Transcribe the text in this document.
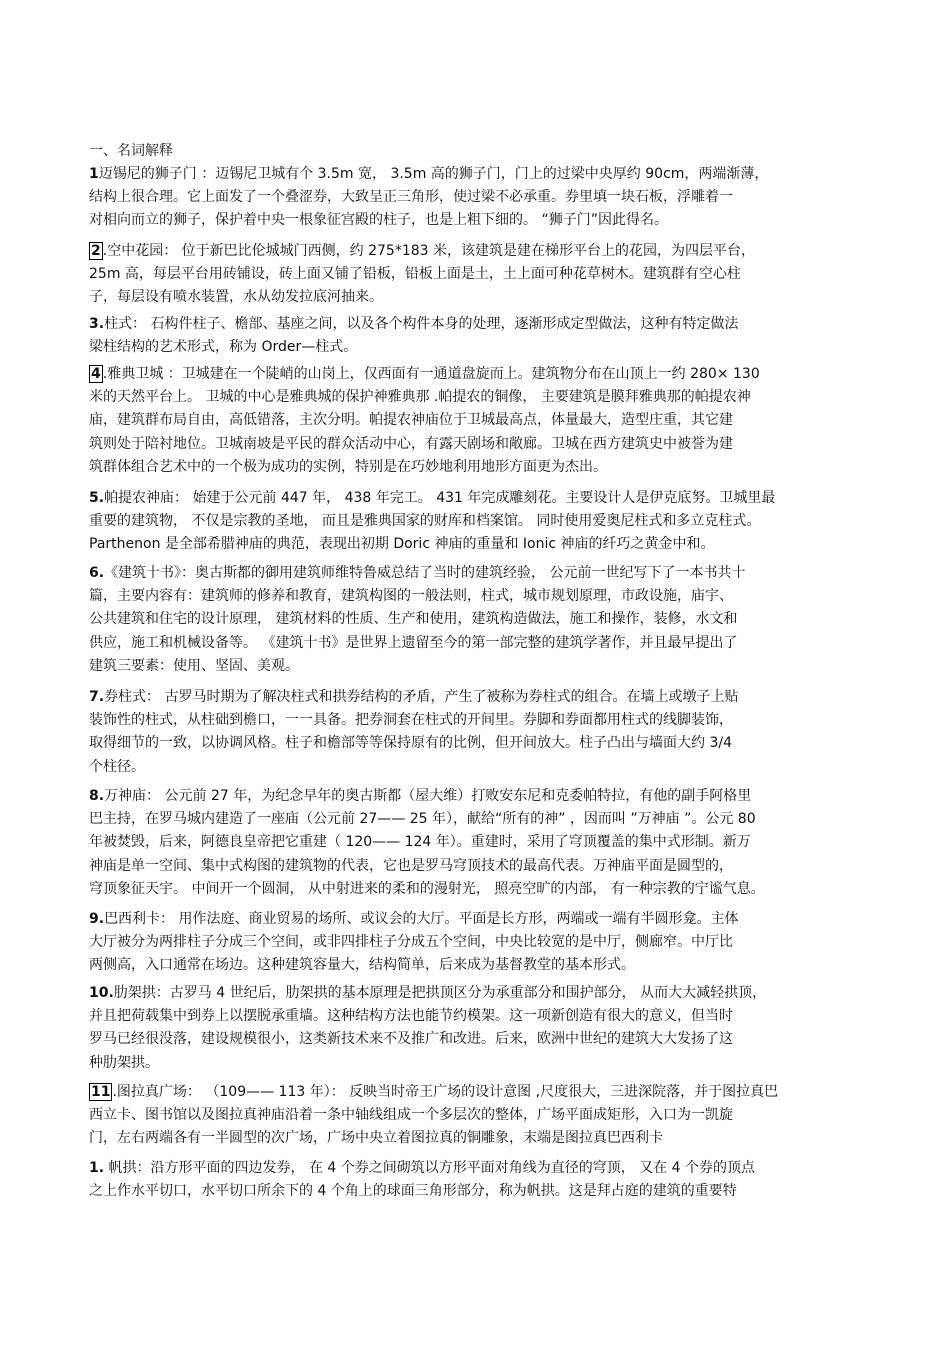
一、名词解释
1迈锡尼的狮子门 ：迈锡尼卫城有个 3.5m 宽， 3.5m 高的狮子门，门上的过梁中央厚约 90cm，两端渐薄，
结构上很合理。它上面发了一个叠涩券，大致呈正三角形，使过梁不必承重。券里填一块石板，浮雕着一
对相向而立的狮子，保护着中央一根象征宫殿的柱子，也是上粗下细的。 “狮子门”因此得名。
2 .空中花园： 位于新巴比伦城城门西侧，约 275*183 米，该建筑是建在梯形平台上的花园，为四层平台，
25m 高，每层平台用砖铺设，砖上面又铺了铅板，铅板上面是土，土上面可种花草树木。建筑群有空心柱
子，每层设有喷水装置，水从幼发拉底河抽来。
3.柱式： 石构件柱子、檐部、基座之间，以及各个构件本身的处理，逐渐形成定型做法，这种有特定做法
梁柱结构的艺术形式，称为 Order—柱式。
4 .雅典卫城 ：卫城建在一个陡峭的山岗上，仅西面有一通道盘旋而上。建筑物分布在山顶上一约 280× 130
米的天然平台上。 卫城的中心是雅典城的保护神雅典那 .帕提农的铜像， 主要建筑是膜拜雅典那的帕提农神
庙，建筑群布局自由，高低错落，主次分明。帕提农神庙位于卫城最高点，体量最大，造型庄重，其它建
筑则处于陪衬地位。卫城南坡是平民的群众活动中心，有露天剧场和敞廊。卫城在西方建筑史中被誉为建
筑群体组合艺术中的一个极为成功的实例，特别是在巧妙地利用地形方面更为杰出。
5.帕提农神庙： 始建于公元前 447 年， 438 年完工。 431 年完成雕刻花。主要设计人是伊克底努。卫城里最
重要的建筑物， 不仅是宗教的圣地， 而且是雅典国家的财库和档案馆。 同时使用爱奥尼柱式和多立克柱式。
Parthenon 是全部希腊神庙的典范，表现出初期 Doric 神庙的重量和 Ionic 神庙的纤巧之黄金中和。
6.《建筑十书》：奥古斯都的御用建筑师维特鲁威总结了当时的建筑经验， 公元前一世纪写下了一本书共十
篇，主要内容有：建筑师的修养和教育，建筑构图的一般法则，柱式，城市规划原理，市政设施，庙宇、
公共建筑和住宅的设计原理， 建筑材料的性质、生产和使用，建筑构造做法，施工和操作，装修，水文和
供应，施工和机械设备等。 《建筑十书》是世界上遗留至今的第一部完整的建筑学著作，并且最早提出了
建筑三要素：使用、坚固、美观。
7.券柱式： 古罗马时期为了解决柱式和拱券结构的矛盾，产生了被称为券柱式的组合。在墙上或墩子上贴
装饰性的柱式，从柱础到檐口，一一具备。把券洞套在柱式的开间里。券脚和券面都用柱式的线脚装饰，
取得细节的一致，以协调风格。柱子和檐部等等保持原有的比例，但开间放大。柱子凸出与墙面大约 3/4
个柱径。
8.万神庙： 公元前 27 年，为纪念早年的奥古斯都（屋大维）打败安东尼和克委帕特拉，有他的副手阿格里
巴主持，在罗马城内建造了一座庙（公元前 27—— 25 年），献给“所有的神” ，因而叫 ”万神庙 ”。公元 80
年被焚毁，后来，阿德良皇帝把它重建（ 120—— 124 年）。重建时，采用了穹顶覆盖的集中式形制。新万
神庙是单一空间、集中式构图的建筑物的代表，它也是罗马穹顶技术的最高代表。万神庙平面是圆型的，
穹顶象征天宇。 中间开一个圆洞， 从中射进来的柔和的漫射光， 照亮空旷的内部， 有一种宗教的宁谧气息。
9.巴西利卡： 用作法庭、商业贸易的场所、或议会的大厅。平面是长方形，两端或一端有半圆形龛。主体
大厅被分为两排柱子分成三个空间，或非四排柱子分成五个空间，中央比较宽的是中厅，侧廊窄。中厅比
两侧高，入口通常在场边。这种建筑容量大，结构简单，后来成为基督教堂的基本形式。
10.肋架拱：古罗马 4 世纪后，肋架拱的基本原理是把拱顶区分为承重部分和围护部分， 从而大大减轻拱顶，
并且把荷载集中到券上以摆脱承重墙。这种结构方法也能节约模架。这一项新创造有很大的意义，但当时
罗马已经很没落，建设规模很小，这类新技术来不及推广和改进。后来，欧洲中世纪的建筑大大发扬了这
种肋架拱。
11 .图拉真广场： （109—— 113 年）： 反映当时帝王广场的设计意图 ,尺度很大，三进深院落，并于图拉真巴
西立卡、图书馆以及图拉真神庙沿着一条中轴线组成一个多层次的整体，广场平面成矩形，入口为一凯旋
门，左右两端各有一半圆型的次广场，广场中央立着图拉真的铜雕象，末端是图拉真巴西利卡
1. 帆拱：沿方形平面的四边发券， 在 4 个券之间砌筑以方形平面对角线为直径的穹顶， 又在 4 个券的顶点
之上作水平切口，水平切口所余下的 4 个角上的球面三角形部分，称为帆拱。这是拜占庭的建筑的重要特
